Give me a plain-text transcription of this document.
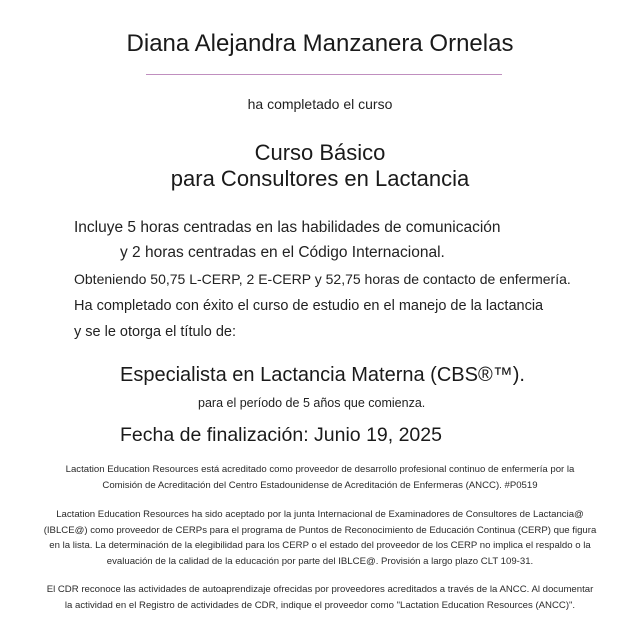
Diana Alejandra Manzanera Ornelas
ha completado el curso
Curso Básico
para Consultores en Lactancia
Incluye 5 horas centradas en las habilidades de comunicación
y 2 horas centradas en el Código Internacional.
Obteniendo 50,75 L-CERP, 2 E-CERP y 52,75 horas de contacto de enfermería.
Ha completado con éxito el curso de estudio en el manejo de la lactancia
y se le otorga el título de:
Especialista en Lactancia Materna (CBS®™).
para el período de 5 años que comienza.
Fecha de finalización: Junio 19, 2025
Lactation Education Resources está acreditado como proveedor de desarrollo profesional continuo de enfermería por la
Comisión de Acreditación del Centro Estadounidense de Acreditación de Enfermeras (ANCC). #P0519
Lactation Education Resources ha sido aceptado por la junta Internacional de Examinadores de Consultores de Lactancia@
(IBLCE@) como proveedor de CERPs para el programa de Puntos de Reconocimiento de Educación Continua (CERP) que figura
en la lista. La determinación de la elegibilidad para los CERP o el estado del proveedor de los CERP no implica el respaldo o la
evaluación de la calidad de la educación por parte del IBLCE@. Provisión a largo plazo CLT 109-31.
El CDR reconoce las actividades de autoaprendizaje ofrecidas por proveedores acreditados a través de la ANCC. Al documentar
la actividad en el Registro de actividades de CDR, indique el proveedor como "Lactation Education Resources (ANCC)".
